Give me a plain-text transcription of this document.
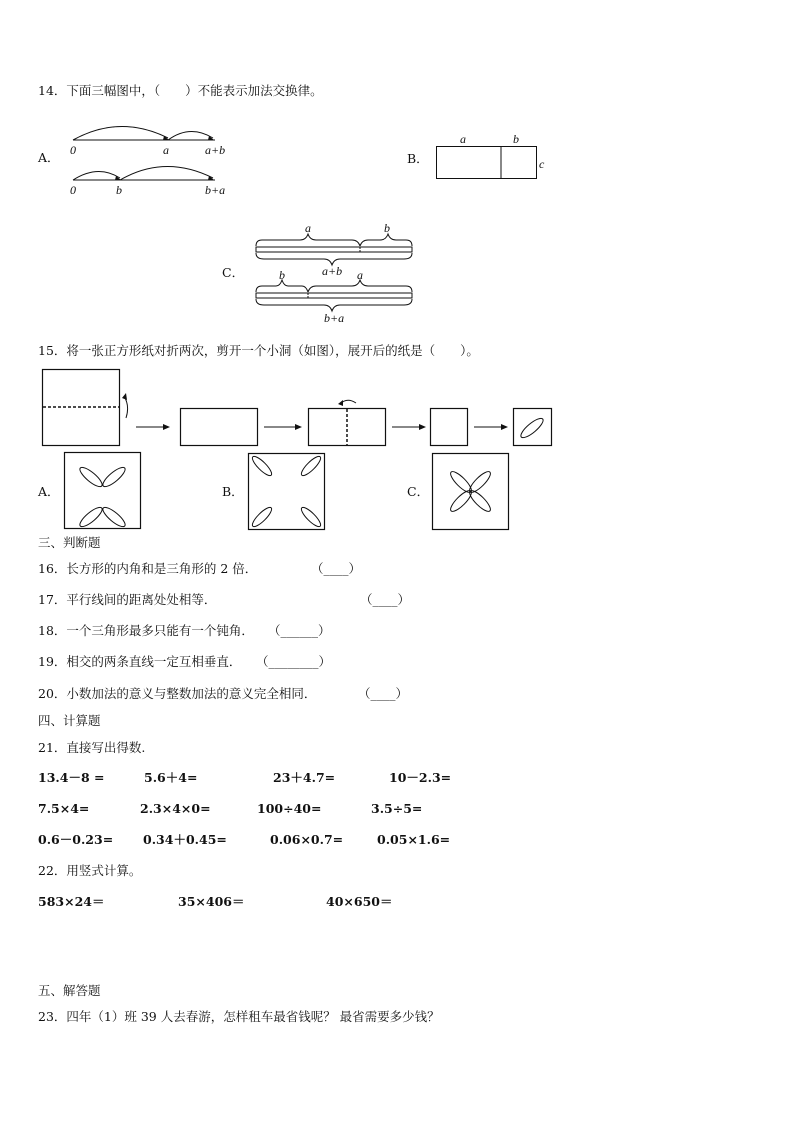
14．下面三幅图中，（　　）不能表示加法交换律。
A． 0	a	a+b
0	b	b+a
B．
a	b
c
C．
a	b
a+b
b	a
b+a
15．将一张正方形纸对折两次，剪开一个小洞（如图），展开后的纸是（　　）。
A．	B．	C．
三、判断题
16．长方形的内角和是三角形的 2 倍．	（____）
17．平行线间的距离处处相等．	（____）
18．一个三角形最多只能有一个钝角． （______）
19．相交的两条直线一定互相垂直． （________）
20．小数加法的意义与整数加法的意义完全相同．	（____）
四、计算题
21．直接写出得数.
13.4－8 =	5.6＋4=	23＋4.7=	10－2.3=
7.5×4=	2.3×4×0=	100÷40=	3.5÷5=
0.6－0.23= 0.34＋0.45=	0.06×0.7=	0.05×1.6=
22．用竖式计算。
583×24＝	35×406＝	40×650＝
五、解答题
23．四年（1）班 39 人去春游，怎样租车最省钱呢？ 最省需要多少钱？
